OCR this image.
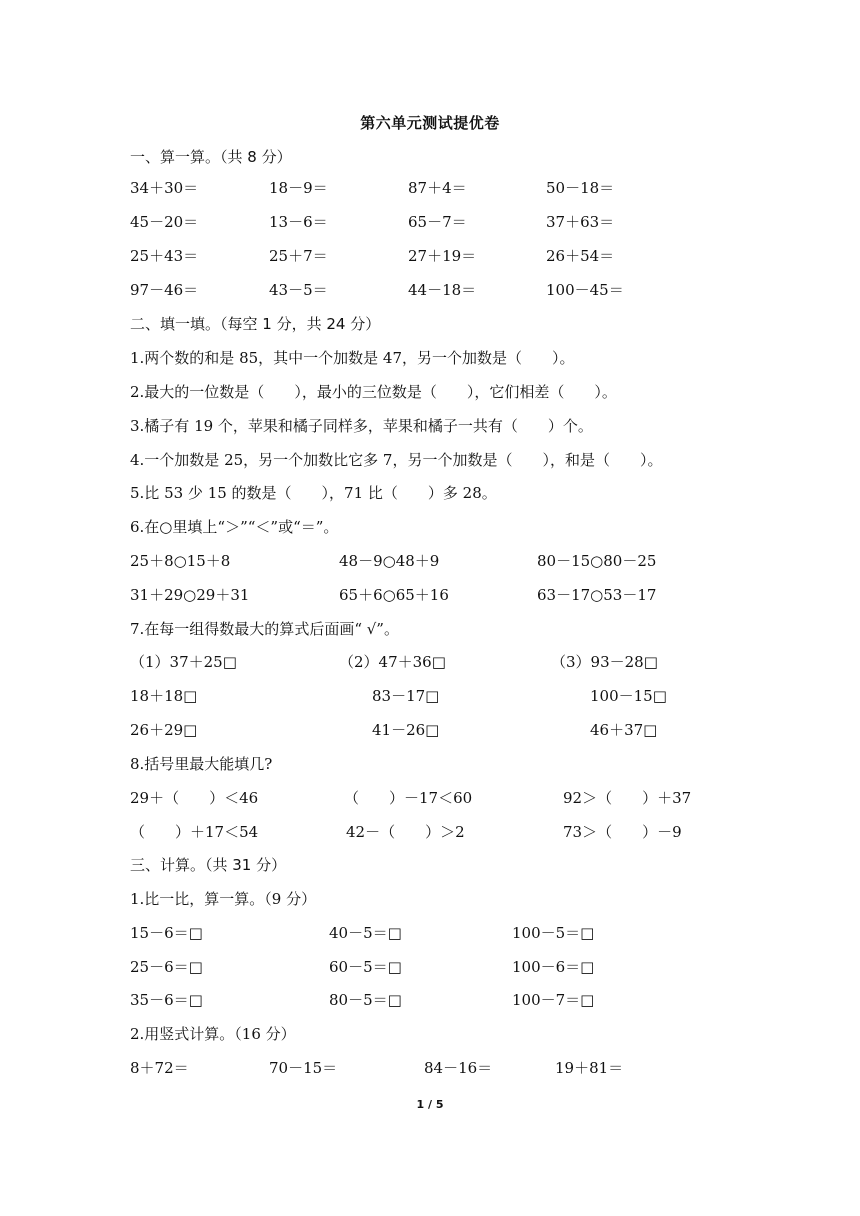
第六单元测试提优卷
一、算一算。（共 8 分）
34＋30＝	18－9＝	87＋4＝	50－18＝
45－20＝	13－6＝	65－7＝	37＋63＝
25＋43＝	25＋7＝	27＋19＝	26＋54＝
97－46＝	43－5＝	44－18＝	100－45＝
二、填一填。（每空 1 分，共 24 分）
1.两个数的和是 85，其中一个加数是 47，另一个加数是（　　）。
2.最大的一位数是（　　），最小的三位数是（　　），它们相差（　　）。
3.橘子有 19 个，苹果和橘子同样多，苹果和橘子一共有（　　）个。
4.一个加数是 25，另一个加数比它多 7，另一个加数是（　　），和是（　　）。
5.比 53 少 15 的数是（　　），71 比（　　）多 28。
6.在○里填上“＞”“＜”或“＝”。
25＋8○15＋8	48－9○48＋9	80－15○80－25
31＋29○29＋31	65＋6○65＋16	63－17○53－17
7.在每一组得数最大的算式后面画“ √”。
（1）37＋25□	（2）47＋36□	（3）93－28□
18＋18□	83－17□	100－15□
26＋29□	41－26□	46＋37□
8.括号里最大能填几?
29＋（　　）＜46	（　　）－17＜60	92＞（　　）＋37
（　　）＋17＜54	42－（　　）＞2	73＞（　　）－9
三、计算。（共 31 分）
1.比一比，算一算。（9 分）
15－6＝□	40－5＝□	100－5＝□
25－6＝□	60－5＝□	100－6＝□
35－6＝□	80－5＝□	100－7＝□
2.用竖式计算。（16 分）
8＋72＝	70－15＝	84－16＝	19＋81＝
1 / 5
